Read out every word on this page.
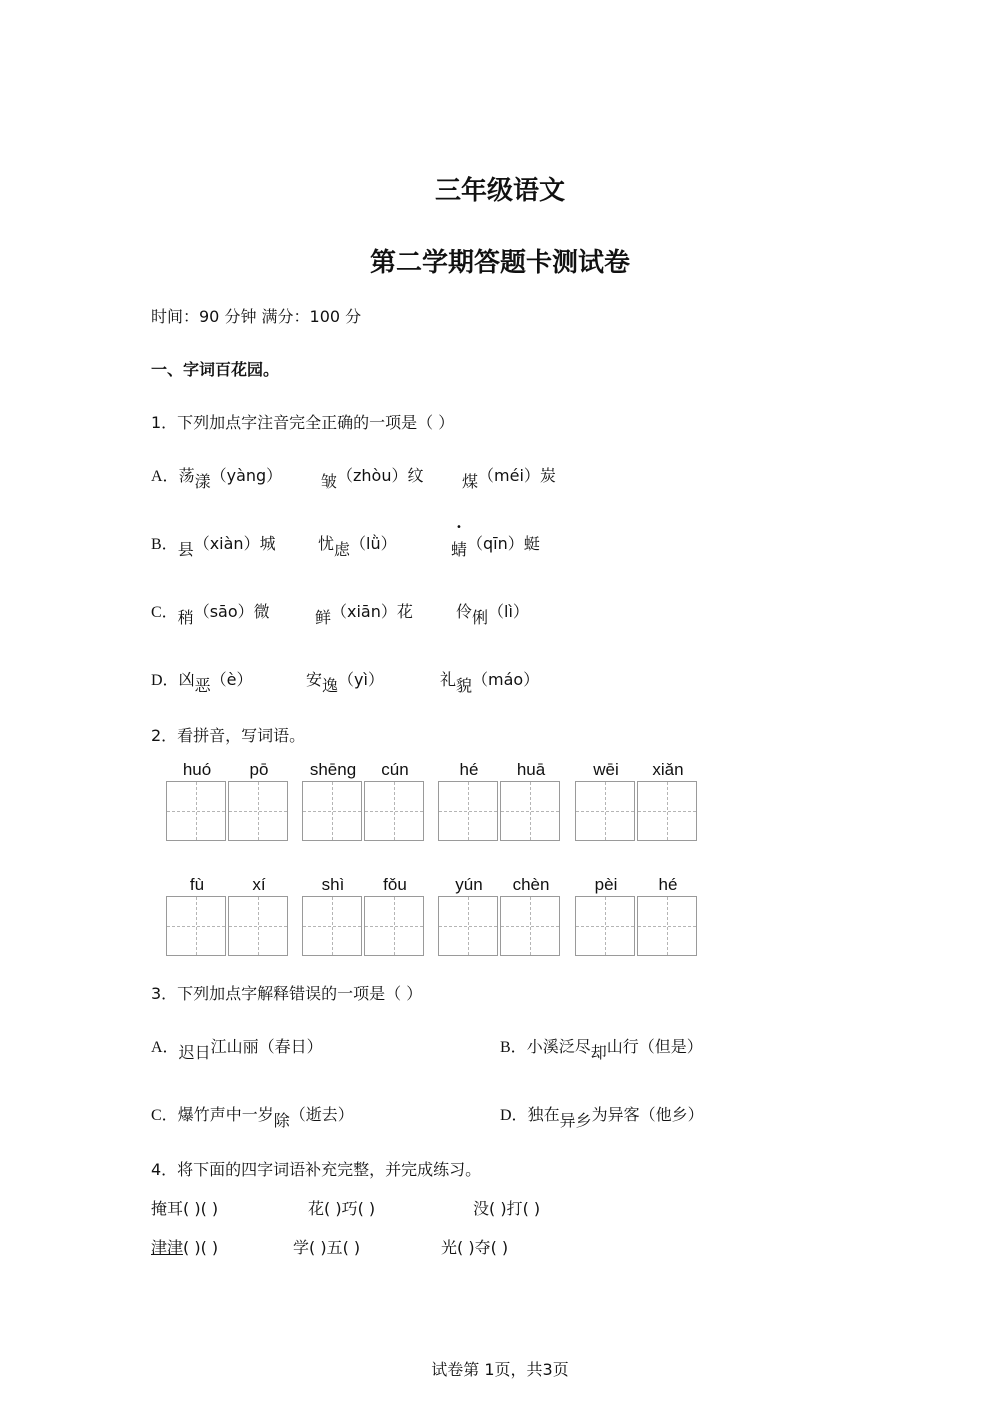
三年级语文
第二学期答题卡测试卷
时间：90 分钟 满分：100 分
一、字词百花园。
1．下列加点字注音完全正确的一项是（ ）
A．荡漾（yàng） 皱（zhòu）纹 煤（méi）炭
B．县（xiàn）城	忧虑（lǜ）	蜻（qīn）蜓
C．稍（sāo）微	鲜（xiān）花	伶俐（lì）
D．凶恶（è）	安逸（yì）	礼貌（máo）
2．看拼音，写词语。
huó	pō	shēng	cún	hé	huā	wēi	xiǎn
fù	xí	shì	fǒu	yún	chèn	pèi	hé
3．下列加点字解释错误的一项是（ ）
A．迟日江山丽（春日）	B．小溪泛尽却山行（但是）
C．爆竹声中一岁除（逝去）	D．独在异乡为异客（他乡）
4．将下面的四字词语补充完整，并完成练习。
掩耳( )( )	花( )巧( )	没( )打( )
津津( )( )	学( )五( )	光( )夺( )
试卷第 1页，共3页
